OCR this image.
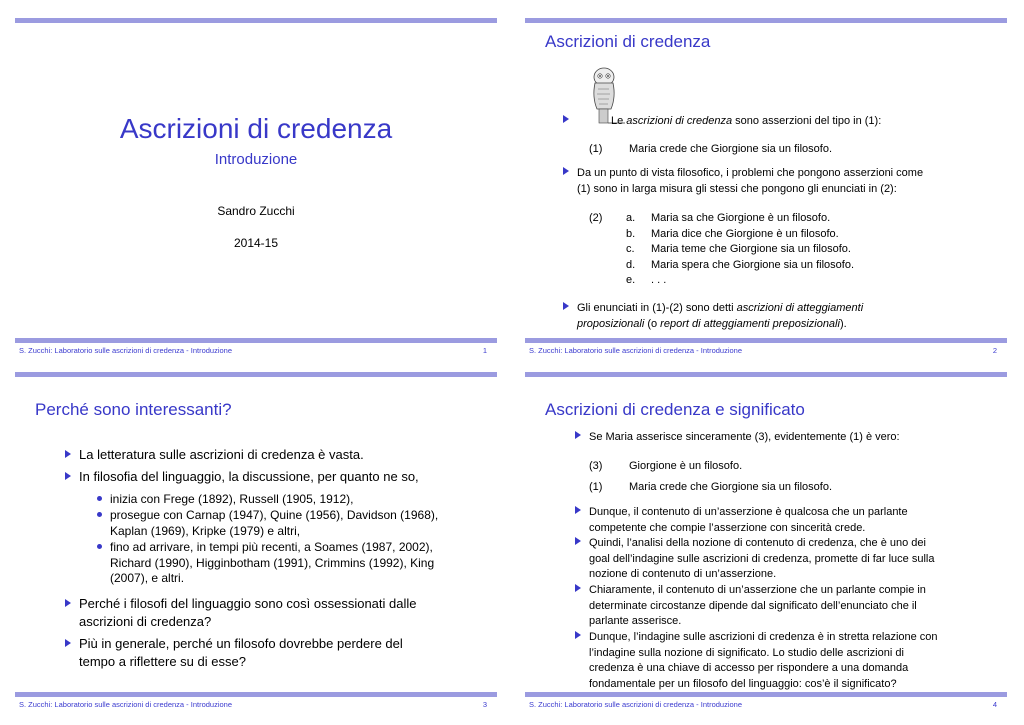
Ascrizioni di credenza
Introduzione
Sandro Zucchi
2014-15
S. Zucchi: Laboratorio sulle ascrizioni di credenza - Introduzione	1
Ascrizioni di credenza
Le ascrizioni di credenza sono asserzioni del tipo in (1):
(1) Maria crede che Giorgione sia un filosofo.
Da un punto di vista filosofico, i problemi che pongono asserzioni come
(1) sono in larga misura gli stessi che pongono gli enunciati in (2):
(2) a. Maria sa che Giorgione è un filosofo.
b. Maria dice che Giorgione è un filosofo.
c. Maria teme che Giorgione sia un filosofo.
d. Maria spera che Giorgione sia un filosofo.
e. . . .
Gli enunciati in (1)-(2) sono detti ascrizioni di atteggiamenti
proposizionali (o report di atteggiamenti preposizionali).
S. Zucchi: Laboratorio sulle ascrizioni di credenza - Introduzione	2
Perché sono interessanti?
La letteratura sulle ascrizioni di credenza è vasta.
In filosofia del linguaggio, la discussione, per quanto ne so,
inizia con Frege (1892), Russell (1905, 1912),
prosegue con Carnap (1947), Quine (1956), Davidson (1968),
Kaplan (1969), Kripke (1979) e altri,
fino ad arrivare, in tempi più recenti, a Soames (1987, 2002),
Richard (1990), Higginbotham (1991), Crimmins (1992), King
(2007), e altri.
Perché i filosofi del linguaggio sono così ossessionati dalle
ascrizioni di credenza?
Più in generale, perché un filosofo dovrebbe perdere del
tempo a riflettere su di esse?
S. Zucchi: Laboratorio sulle ascrizioni di credenza - Introduzione	3
Ascrizioni di credenza e significato
Se Maria asserisce sinceramente (3), evidentemente (1) è vero:
(3) Giorgione è un filosofo.
(1) Maria crede che Giorgione sia un filosofo.
Dunque, il contenuto di un’asserzione è qualcosa che un parlante
competente che compie l’asserzione con sincerità crede.
Quindi, l’analisi della nozione di contenuto di credenza, che è uno dei
goal dell’indagine sulle ascrizioni di credenza, promette di far luce sulla
nozione di contenuto di un’asserzione.
Chiaramente, il contenuto di un’asserzione che un parlante compie in
determinate circostanze dipende dal significato dell’enunciato che il
parlante asserisce.
Dunque, l’indagine sulle ascrizioni di credenza è in stretta relazione con
l’indagine sulla nozione di significato. Lo studio delle ascrizioni di
credenza è una chiave di accesso per rispondere a una domanda
fondamentale per un filosofo del linguaggio: cos’è il significato?
S. Zucchi: Laboratorio sulle ascrizioni di credenza - Introduzione	4
